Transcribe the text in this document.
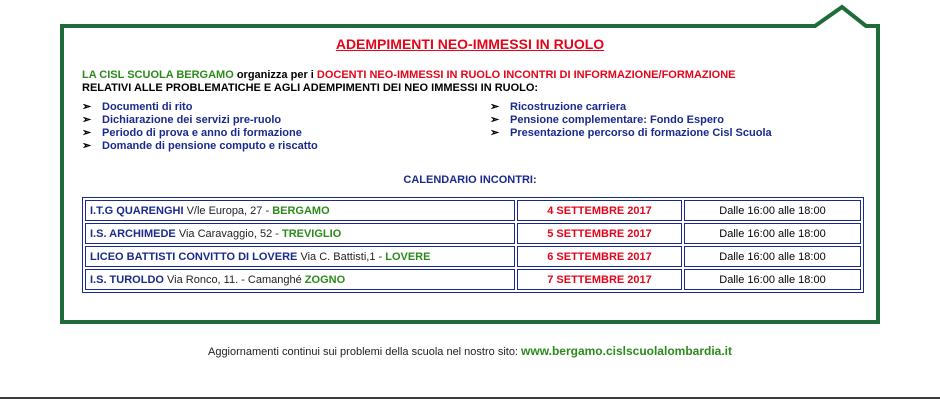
ADEMPIMENTI NEO-IMMESSI IN RUOLO
LA CISL SCUOLA BERGAMO organizza per i DOCENTI NEO-IMMESSI IN RUOLO INCONTRI DI INFORMAZIONE/FORMAZIONE
RELATIVI ALLE PROBLEMATICHE E AGLI ADEMPIMENTI DEI NEO IMMESSI IN RUOLO:
➢ Documenti di rito
➢ Dichiarazione dei servizi pre-ruolo
➢ Periodo di prova e anno di formazione
➢ Domande di pensione computo e riscatto
➢ Ricostruzione carriera
➢ Pensione complementare: Fondo Espero
➢ Presentazione percorso di formazione Cisl Scuola
CALENDARIO INCONTRI:
I.T.G QUARENGHI V/le Europa, 27 - BERGAMO	4 SETTEMBRE 2017	Dalle 16:00 alle 18:00
I.S. ARCHIMEDE Via Caravaggio, 52 - TREVIGLIO	5 SETTEMBRE 2017	Dalle 16:00 alle 18:00
LICEO BATTISTI CONVITTO DI LOVERE Via C. Battisti,1 - LOVERE	6 SETTEMBRE 2017	Dalle 16:00 alle 18:00
I.S. TUROLDO Via Ronco, 11. - Camanghé ZOGNO	7 SETTEMBRE 2017	Dalle 16:00 alle 18:00
Aggiornamenti continui sui problemi della scuola nel nostro sito: www.bergamo.cislscuolalombardia.it
